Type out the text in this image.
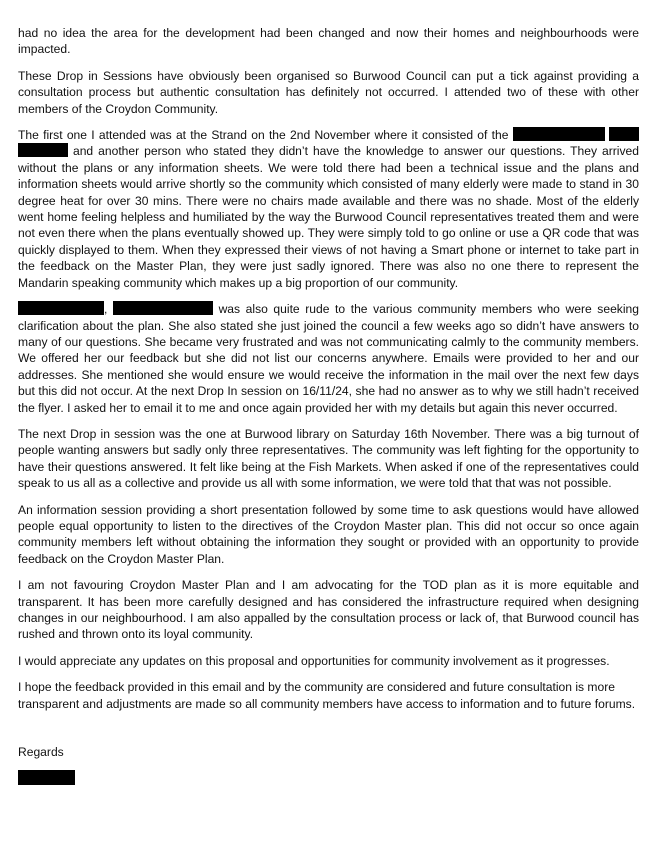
had no idea the area for the development had been changed and now their homes and neighbourhoods were impacted.

These Drop in Sessions have obviously been organised so Burwood Council can put a tick against providing a consultation process but authentic consultation has definitely not occurred. I attended two of these with other members of the Croydon Community.

The first one I attended was at the Strand on the 2nd November where it consisted of the    and another person who stated they didn’t have the knowledge to answer our questions. They arrived without the plans or any information sheets. We were told there had been a technical issue and the plans and information sheets would arrive shortly so the community which consisted of many elderly were made to stand in 30 degree heat for over 30 mins. There were no chairs made available and there was no shade. Most of the elderly went home feeling helpless and humiliated by the way the Burwood Council representatives treated them and were not even there when the plans eventually showed up. They were simply told to go online or use a QR code that was quickly displayed to them. When they expressed their views of not having a Smart phone or internet to take part in the feedback on the Master Plan, they were just sadly ignored. There was also no one there to represent the Mandarin speaking community which makes up a big proportion of our community.

,	was also quite rude to the various community members who were seeking clarification about the plan. She also stated she just joined the council a few weeks ago so didn’t have answers to many of our questions. She became very frustrated and was not communicating calmly to the community members. We offered her our feedback but she did not list our concerns anywhere. Emails were provided to her and our addresses. She mentioned she would ensure we would receive the information in the mail over the next few days but this did not occur. At the next Drop In session on 16/11/24, she had no answer as to why we still hadn’t received the flyer. I asked her to email it to me and once again provided her with my details but again this never occurred.

The next Drop in session was the one at Burwood library on Saturday 16th November. There was a big turnout of people wanting answers but sadly only three representatives. The community was left fighting for the opportunity to have their questions answered. It felt like being at the Fish Markets. When asked if one of the representatives could speak to us all as a collective and provide us all with some information, we were told that that was not possible.

An information session providing a short presentation followed by some time to ask questions would have allowed people equal opportunity to listen to the directives of the Croydon Master plan. This did not occur so once again community members left without obtaining the information they sought or provided with an opportunity to provide feedback on the Croydon Master Plan.

I am not favouring Croydon Master Plan and I am advocating for the TOD plan as it is more equitable and transparent. It has been more carefully designed and has considered the infrastructure required when designing changes in our neighbourhood. I am also appalled by the consultation process or lack of, that Burwood council has rushed and thrown onto its loyal community.

I would appreciate any updates on this proposal and opportunities for community involvement as it progresses.

I hope the feedback provided in this email and by the community are considered and future consultation is more transparent and adjustments are made so all community members have access to information and to future forums.

Regards
